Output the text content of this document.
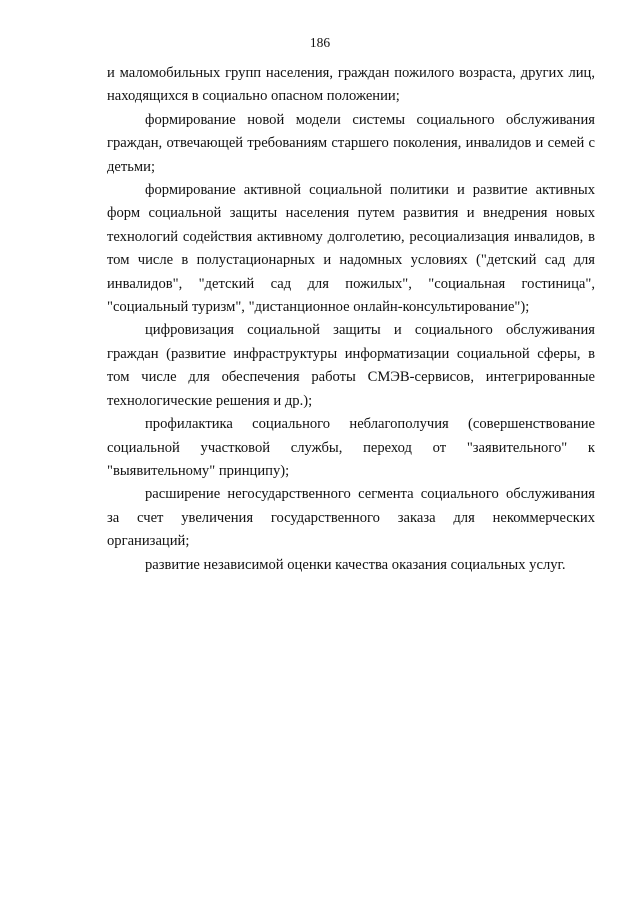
186

и маломобильных групп населения, граждан пожилого возраста, других лиц, находящихся в социально опасном положении;

формирование новой модели системы социального обслуживания граждан, отвечающей требованиям старшего поколения, инвалидов и семей с детьми;

формирование активной социальной политики и развитие активных форм социальной защиты населения путем развития и внедрения новых технологий содействия активному долголетию, ресоциализация инвалидов, в том числе в полустационарных и надомных условиях ("детский сад для инвалидов", "детский сад для пожилых", "социальная гостиница", "социальный туризм", "дистанционное онлайн-консультирование");

цифровизация социальной защиты и социального обслуживания граждан (развитие инфраструктуры информатизации социальной сферы, в том числе для обеспечения работы СМЭВ-сервисов, интегрированные технологические решения и др.);

профилактика социального неблагополучия (совершенствование социальной участковой службы, переход от "заявительного" к "выявительному" принципу);

расширение негосударственного сегмента социального обслуживания за счет увеличения государственного заказа для некоммерческих организаций;

развитие независимой оценки качества оказания социальных услуг.
